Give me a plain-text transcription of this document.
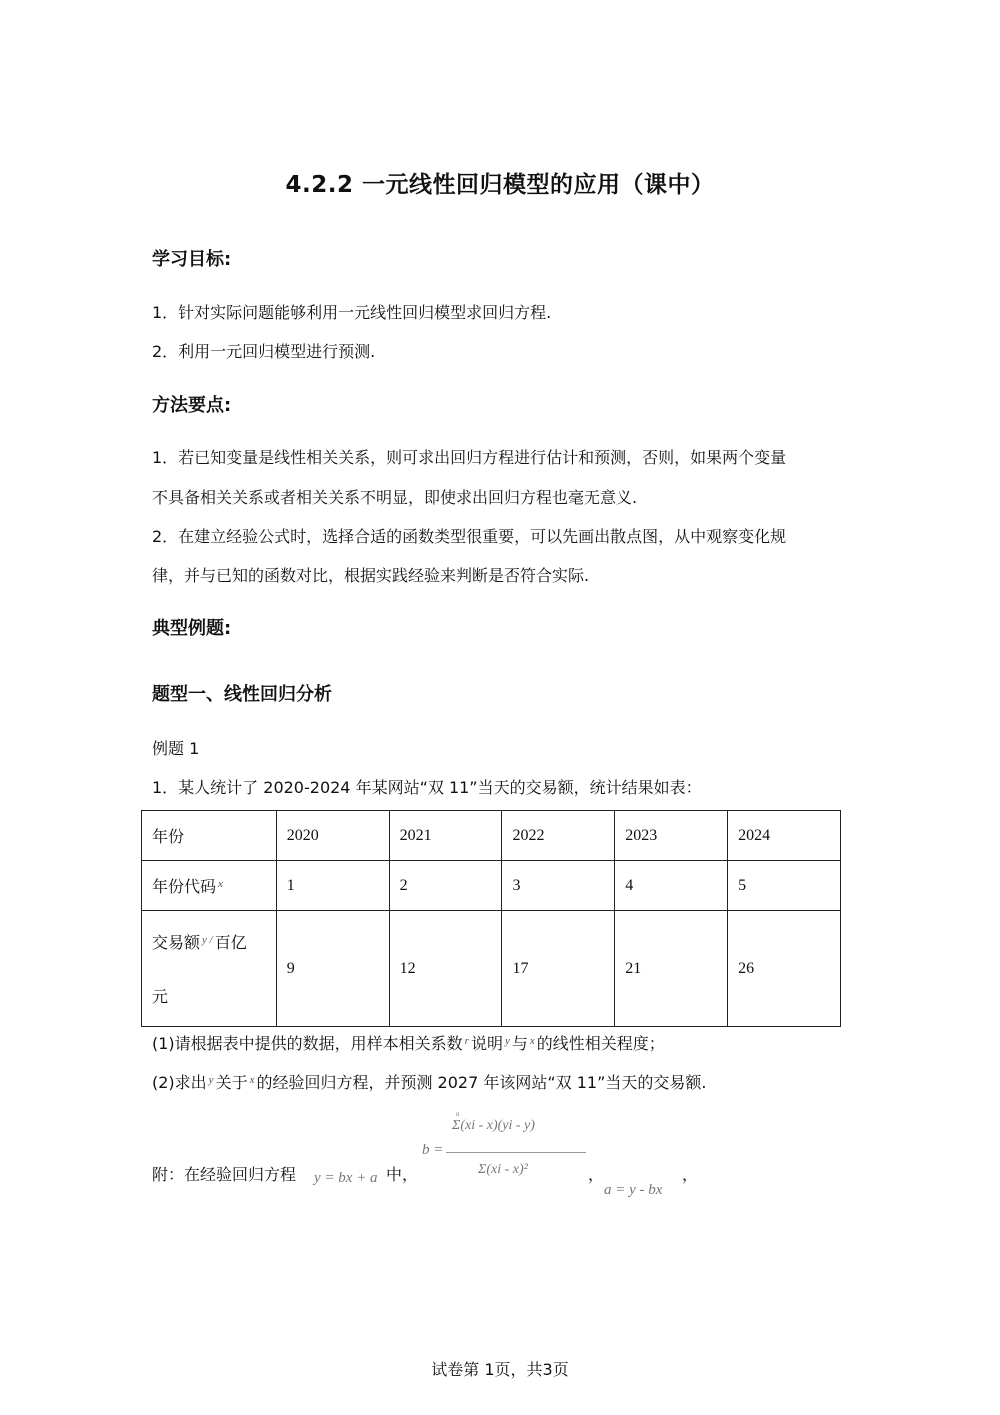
4.2.2 一元线性回归模型的应用（课中）
学习目标:
1．针对实际问题能够利用一元线性回归模型求回归方程.
2．利用一元回归模型进行预测.
方法要点:
1．若已知变量是线性相关关系，则可求出回归方程进行估计和预测，否则，如果两个变量
不具备相关关系或者相关关系不明显，即使求出回归方程也毫无意义.
2．在建立经验公式时，选择合适的函数类型很重要，可以先画出散点图，从中观察变化规
律，并与已知的函数对比，根据实践经验来判断是否符合实际.
典型例题:
题型一、线性回归分析
例题 1
1．某人统计了 2020-2024 年某网站“双 11”当天的交易额，统计结果如表：
年份	2020	2021	2022	2023	2024
年份代码 $^x$	1	2	3	4	5
交易额 $^{y /}$ 百亿
元	9	12	17	21	26
(1)请根据表中提供的数据，用样本相关系数 $^r$ 说明 $^y$ 与 $^x$ 的线性相关程度；
(2)求出 $^y$ 关于 $^x$ 的经验回归方程，并预测 2027 年该网站“双 11”当天的交易额.
附：在经验回归方程 y = bx + a 中，
b =
n
Σ(xi - x)(yi - y)
Σ(xi - x)²	，
a = y - bx
，
试卷第 1页，共3页
